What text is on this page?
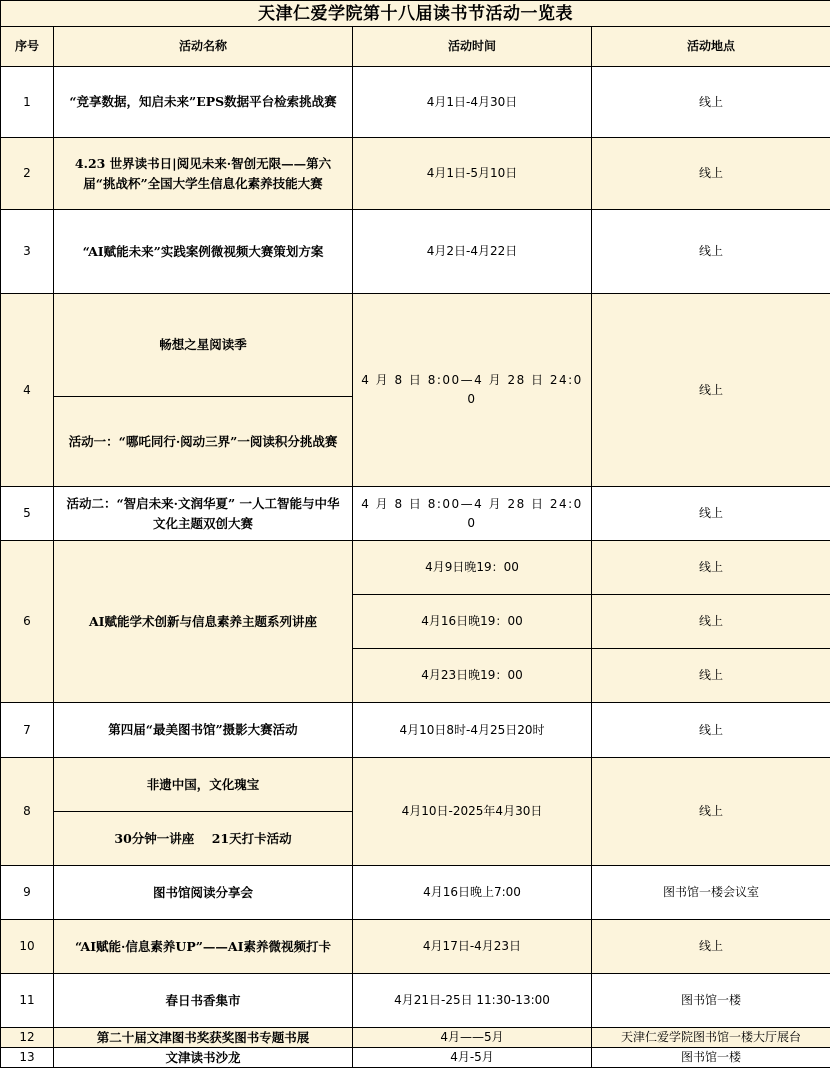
天津仁爱学院第十八届读书节活动一览表			
序号	活动名称	活动时间	活动地点
1	“竞享数据，知启未来”EPS数据平台检索挑战赛	4月1日-4月30日	线上
2	4.23 世界读书日|阅见未来·智创无限——第六届“挑战杯”全国大学生信息化素养技能大赛	4月1日-5月10日	线上
3	“AI赋能未来”实践案例微视频大赛策划方案	4月2日-4月22日	线上
4	畅想之星阅读季	4 月 8 日 8:00—4 月 28 日 24:00	线上
	活动一：“哪吒同行·阅动三界”一阅读积分挑战赛		
5	活动二：“智启未来·文润华夏” 一人工智能与中华文化主题双创大赛	4 月 8 日 8:00—4 月 28 日 24:00	线上
6	AI赋能学术创新与信息素养主题系列讲座	4月9日晚19：00	线上
		4月16日晚19：00	线上
		4月23日晚19：00	线上
7	第四届“最美图书馆”摄影大赛活动	4月10日8时-4月25日20时	线上
8	非遗中国，文化瑰宝	4月10日-2025年4月30日	线上
	30分钟一讲座    21天打卡活动		
9	图书馆阅读分享会	4月16日晚上7:00	图书馆一楼会议室
10	“AI赋能·信息素养UP”——AI素养微视频打卡	4月17日-4月23日	线上
11	春日书香集市	4月21日-25日 11:30-13:00	图书馆一楼
12	第二十届文津图书奖获奖图书专题书展	4月——5月	天津仁爱学院图书馆一楼大厅展台
13	文津读书沙龙	4月-5月	图书馆一楼
